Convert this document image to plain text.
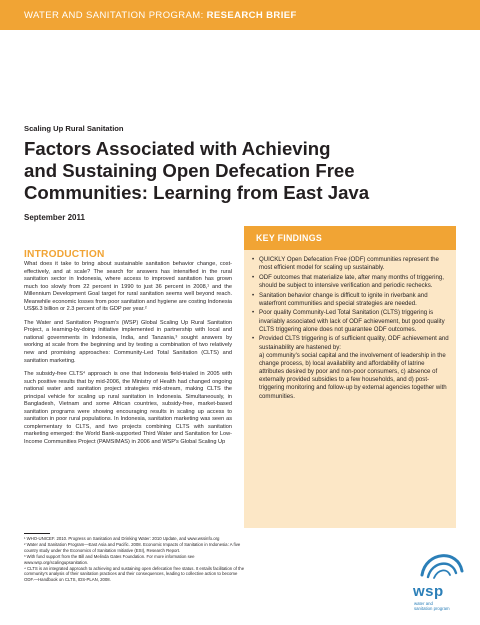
WATER AND SANITATION PROGRAM: RESEARCH BRIEF
Scaling Up Rural Sanitation
Factors Associated with Achieving
and Sustaining Open Defecation Free
Communities: Learning from East Java
September 2011
INTRODUCTION

What does it take to bring about sustainable sanitation behavior change, cost-effectively, and at scale? The search for answers has intensified in the rural sanitation sector in Indonesia, where access to improved sanitation has grown much too slowly from 22 percent in 1990 to just 36 percent in 2008,¹ and the Millennium Development Goal target for rural sanitation seems well beyond reach. Meanwhile economic losses from poor sanitation and hygiene are costing Indonesia US$6.3 billion or 2.3 percent of its GDP per year.²

The Water and Sanitation Program's (WSP) Global Scaling Up Rural Sanitation Project, a learning-by-doing initiative implemented in partnership with local and national governments in Indonesia, India, and Tanzania,³ sought answers by working at scale from the beginning and by testing a combination of two relatively new and promising approaches: Community-Led Total Sanitation (CLTS) and sanitation marketing.

The subsidy-free CLTS⁴ approach is one that Indonesia field-trialed in 2005 with such positive results that by mid-2006, the Ministry of Health had changed ongoing national water and sanitation project strategies mid-stream, making CLTS the principal vehicle for scaling up rural sanitation in Indonesia. Simultaneously, in Bangladesh, Vietnam and some African countries, subsidy-free, market-based sanitation programs were showing encouraging results in scaling up access to sanitation in poor rural populations. In Indonesia, sanitation marketing was seen as complementary to CLTS, and two projects combining CLTS with sanitation marketing emerged: the World Bank-supported Third Water and Sanitation for Low-Income Communities Project (PAMSIMAS) in 2006 and WSP's Global Scaling Up

¹ WHO-UNICEF. 2010. Progress on Sanitation and Drinking Water: 2010 Update, and www.wssinfo.org

² Water and Sanitation Program—East Asia and Pacific. 2008. Economic Impacts of Sanitation in Indonesia: A five country study under the Economics of Sanitation Initiative (ESI), Research Report.

³ With fund support from the Bill and Melinda Gates Foundation. For more information see www.wsp.org/scalingupsanitation.

⁴ CLTS is an integrated approach to achieving and sustaining open defecation free status. It entails facilitation of the community's analysis of their sanitation practices and their consequences, leading to collective action to become ODF.—Handbook on CLTS, IDS-PLAN, 2008.

KEY FINDINGS
• QUICKLY Open Defecation Free (ODF) communities represent the most efficient model for scaling up sustainably.
• ODF outcomes that materialize late, after many months of triggering, should be subject to intensive verification and periodic rechecks.
• Sanitation behavior change is difficult to ignite in riverbank and waterfront communities and special strategies are needed.
• Poor quality Community-Led Total Sanitation (CLTS) triggering is invariably associated with lack of ODF achievement, but good quality CLTS triggering alone does not guarantee ODF outcomes.
• Provided CLTS triggering is of sufficient quality, ODF achievement and sustainability are hastened by:
a) community's social capital and the involvement of leadership in the change process, b) local availability and affordability of latrine attributes desired by poor and non-poor consumers, c) absence of externally provided subsidies to a few households, and d) post-triggering monitoring and follow-up by external agencies together with communities.
wsp
water and
sanitation program
